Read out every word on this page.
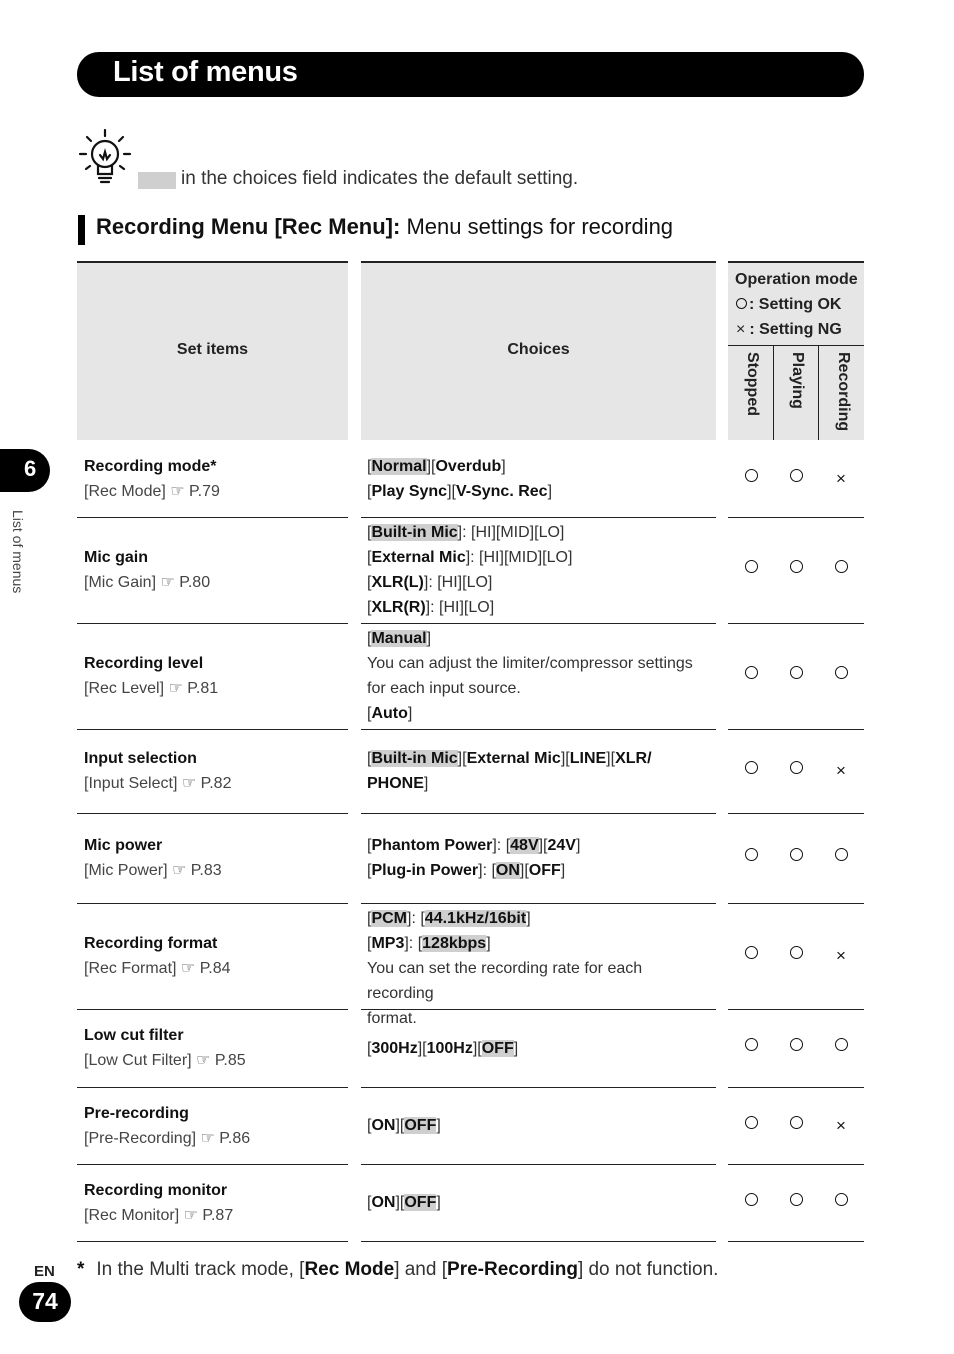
List of menus
in the choices field indicates the default setting.
Recording Menu [Rec Menu]: Menu settings for recording
Set items	Choices
Operation mode
: Setting OK
× : Setting NG
Stopped Playing Recording
Recording mode*
[Rec Mode] ☞ P.79
[Normal][Overdub]
[Play Sync][V-Sync. Rec]
×
Mic gain
[Mic Gain] ☞ P.80
[Built-in Mic]: [HI][MID][LO]
[External Mic]: [HI][MID][LO]
[XLR(L)]: [HI][LO]
[XLR(R)]: [HI][LO]
Recording level
[Rec Level] ☞ P.81
[Manual]
You can adjust the limiter/compressor settings
for each input source.
[Auto]
Input selection
[Input Select] ☞ P.82
[Built-in Mic][External Mic][LINE][XLR/
PHONE]
×
Mic power
[Mic Power] ☞ P.83
[Phantom Power]: [48V][24V]
[Plug-in Power]: [ON][OFF]
Recording format
[Rec Format] ☞ P.84
[PCM]: [44.1kHz/16bit]
[MP3]: [128kbps]
You can set the recording rate for each recording
format.
×
Low cut filter
[Low Cut Filter] ☞ P.85
[300Hz][100Hz][OFF]
Pre-recording
[Pre-Recording] ☞ P.86
[ON][OFF]	×
Recording monitor
[Rec Monitor] ☞ P.87
[ON][OFF]
6
List of menus
* In the Multi track mode, [Rec Mode] and [Pre-Recording] do not function.
EN
74
